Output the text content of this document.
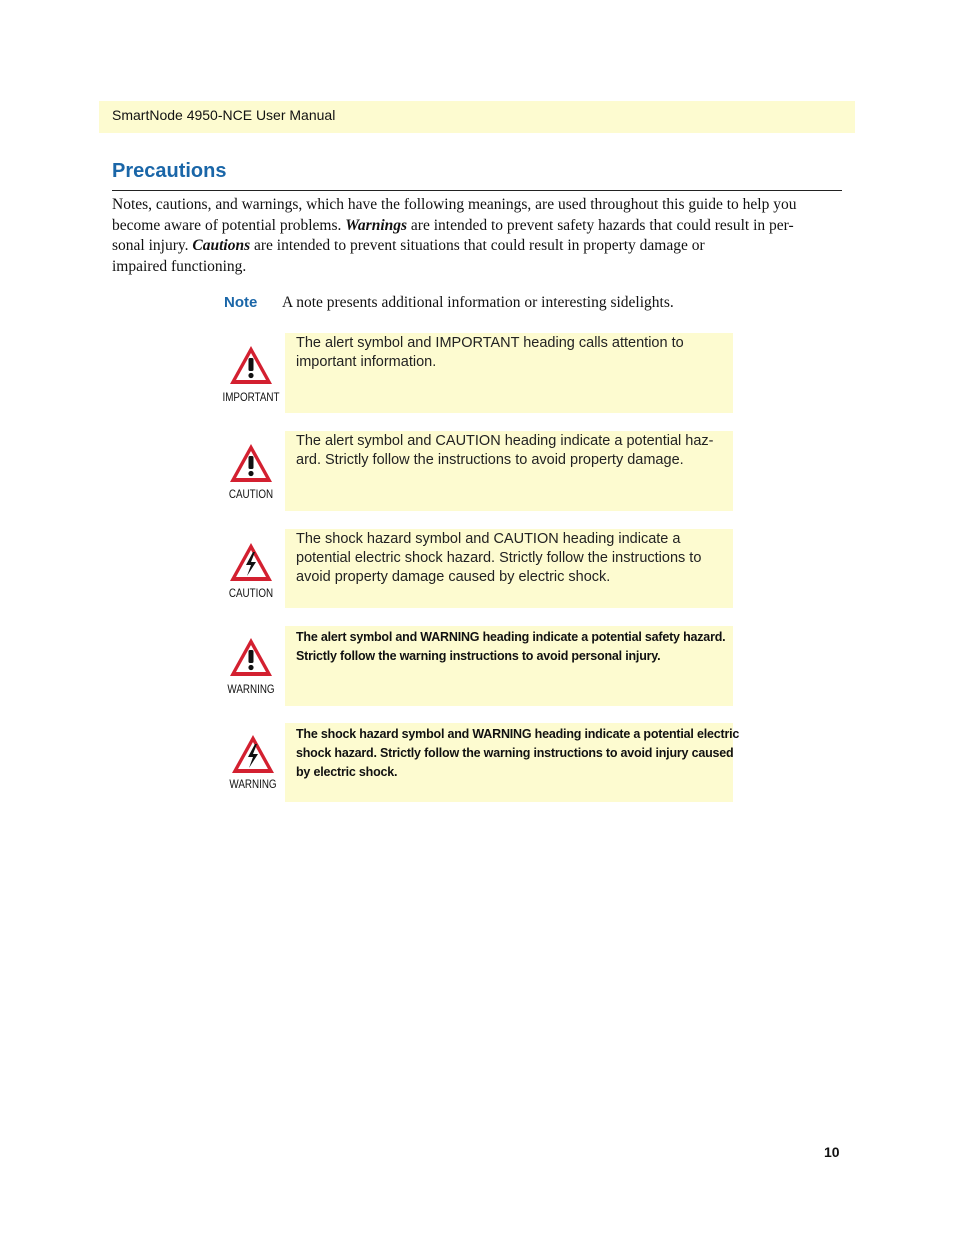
SmartNode 4950-NCE User Manual
Precautions

Notes, cautions, and warnings, which have the following meanings, are used throughout this guide to help you
become aware of potential problems. Warnings are intended to prevent safety hazards that could result in per-
sonal injury. Cautions are intended to prevent situations that could result in property damage or
impaired functioning.

Note A note presents additional information or interesting sidelights.
IMPORTANT

The alert symbol and IMPORTANT heading calls attention to
important information.

CAUTION

The alert symbol and CAUTION heading indicate a potential haz-
ard. Strictly follow the instructions to avoid property damage.

CAUTION

The shock hazard symbol and CAUTION heading indicate a
potential electric shock hazard. Strictly follow the instructions to
avoid property damage caused by electric shock.

WARNING

The alert symbol and WARNING heading indicate a potential safety hazard.
Strictly follow the warning instructions to avoid personal injury.

WARNING

The shock hazard symbol and WARNING heading indicate a potential electric
shock hazard. Strictly follow the warning instructions to avoid injury caused
by electric shock.

10
